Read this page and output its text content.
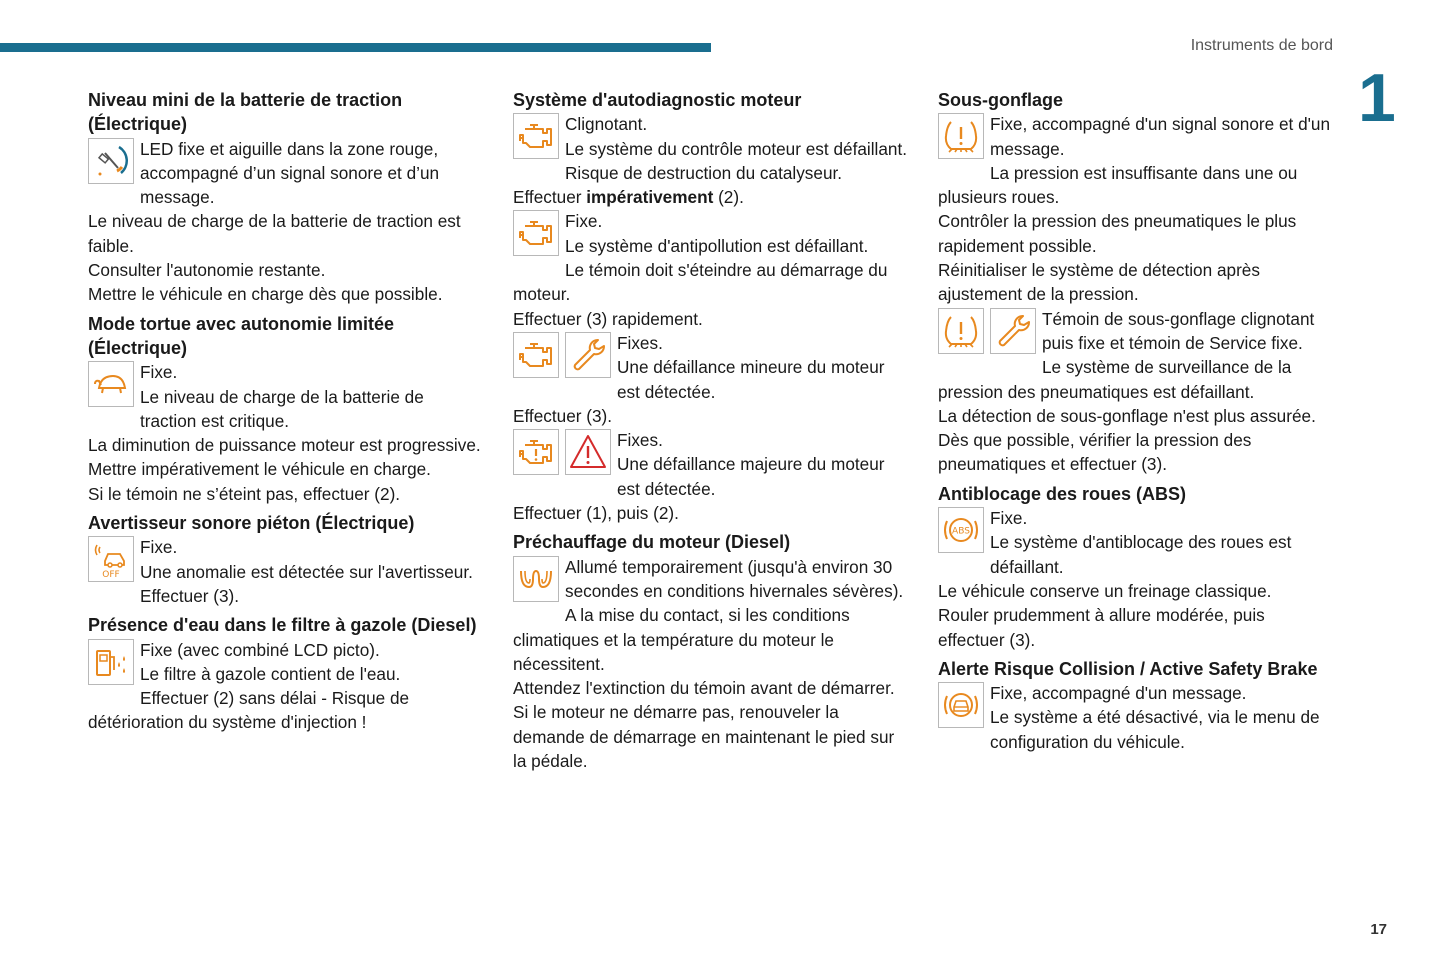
Instruments de bord
1
Niveau mini de la batterie de traction (Électrique)

LED fixe et aiguille dans la zone rouge, accompagné d’un signal sonore et d’un message.

Le niveau de charge de la batterie de traction est faible.

Consulter l'autonomie restante.

Mettre le véhicule en charge dès que possible.

Mode tortue avec autonomie limitée (Électrique)

Fixe.

Le niveau de charge de la batterie de traction est critique.

La diminution de puissance moteur est progressive.

Mettre impérativement le véhicule en charge.

Si le témoin ne s’éteint pas, effectuer (2).

Avertisseur sonore piéton (Électrique)
OFF

Fixe.

Une anomalie est détectée sur l'avertisseur.

Effectuer (3).

Présence d'eau dans le filtre à gazole (Diesel)

Fixe (avec combiné LCD picto).

Le filtre à gazole contient de l'eau.

Effectuer (2) sans délai - Risque de détérioration du système d'injection !

Système d'autodiagnostic moteur

Clignotant.

Le système du contrôle moteur est défaillant.

Risque de destruction du catalyseur.

Effectuer impérativement (2).

Fixe.

Le système d'antipollution est défaillant.

Le témoin doit s'éteindre au démarrage du moteur.

Effectuer (3) rapidement.

Fixes.

Une défaillance mineure du moteur est détectée.

Effectuer (3).

Fixes.

Une défaillance majeure du moteur est détectée.

Effectuer (1), puis (2).

Préchauffage du moteur (Diesel)

Allumé temporairement (jusqu'à environ 30 secondes en conditions hivernales sévères).

A la mise du contact, si les conditions climatiques et la température du moteur le nécessitent.

Attendez l'extinction du témoin avant de démarrer.

Si le moteur ne démarre pas, renouveler la demande de démarrage en maintenant le pied sur la pédale.

Sous-gonflage

Fixe, accompagné d'un signal sonore et d'un message.

La pression est insuffisante dans une ou plusieurs roues.

Contrôler la pression des pneumatiques le plus rapidement possible.

Réinitialiser le système de détection après ajustement de la pression.

Témoin de sous-gonflage clignotant puis fixe et témoin de Service fixe.

Le système de surveillance de la pression des pneumatiques est défaillant.

La détection de sous-gonflage n'est plus assurée.

Dès que possible, vérifier la pression des pneumatiques et effectuer (3).

Antiblocage des roues (ABS)
ABS

Fixe.

Le système d'antiblocage des roues est défaillant.

Le véhicule conserve un freinage classique.

Rouler prudemment à allure modérée, puis effectuer (3).

Alerte Risque Collision / Active Safety Brake

Fixe, accompagné d'un message.

Le système a été désactivé, via le menu de configuration du véhicule.

17
